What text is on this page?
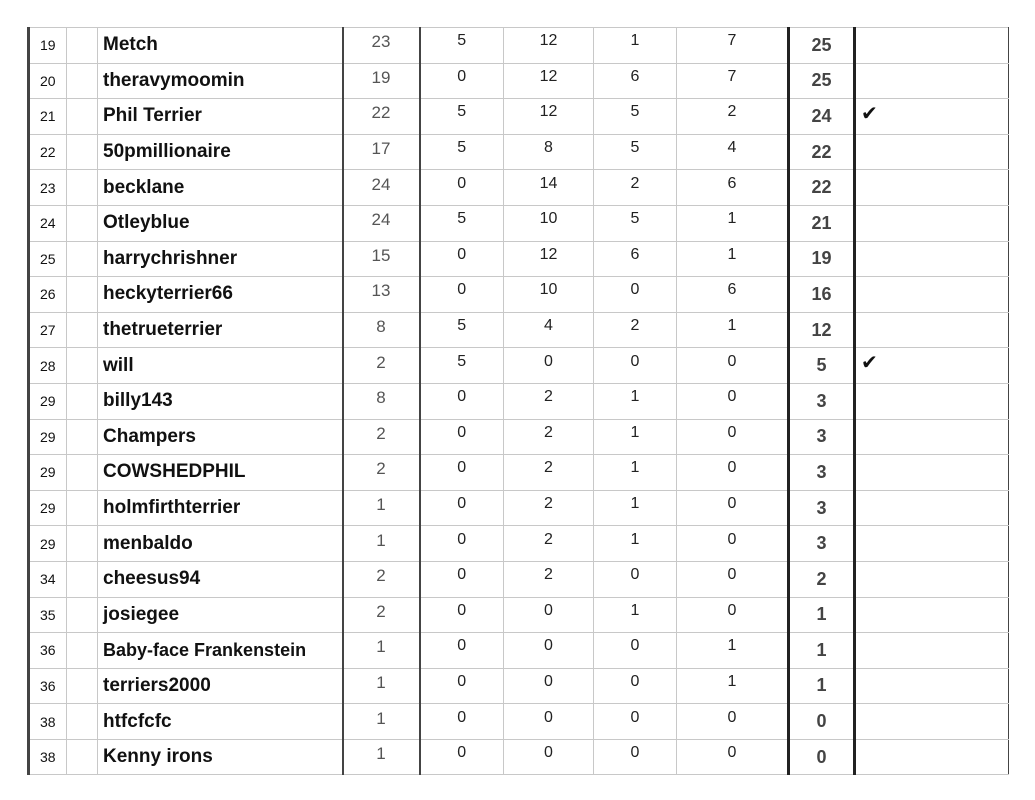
19		Metch	23	5	12	1	7	25	
20		theravymoomin	19	0	12	6	7	25	
21		Phil Terrier	22	5	12	5	2	24	✔
22		50pmillionaire	17	5	8	5	4	22	
23		becklane	24	0	14	2	6	22	
24		Otleyblue	24	5	10	5	1	21	
25		harrychrishner	15	0	12	6	1	19	
26		heckyterrier66	13	0	10	0	6	16	
27		thetrueterrier	8	5	4	2	1	12	
28		will	2	5	0	0	0	5	✔
29		billy143	8	0	2	1	0	3	
29		Champers	2	0	2	1	0	3	
29		COWSHEDPHIL	2	0	2	1	0	3	
29		holmfirthterrier	1	0	2	1	0	3	
29		menbaldo	1	0	2	1	0	3	
34		cheesus94	2	0	2	0	0	2	
35		josiegee	2	0	0	1	0	1	
36		Baby-face Frankenstein	1	0	0	0	1	1	
36		terriers2000	1	0	0	0	1	1	
38		htfcfcfc	1	0	0	0	0	0	
38		Kenny irons	1	0	0	0	0	0	
